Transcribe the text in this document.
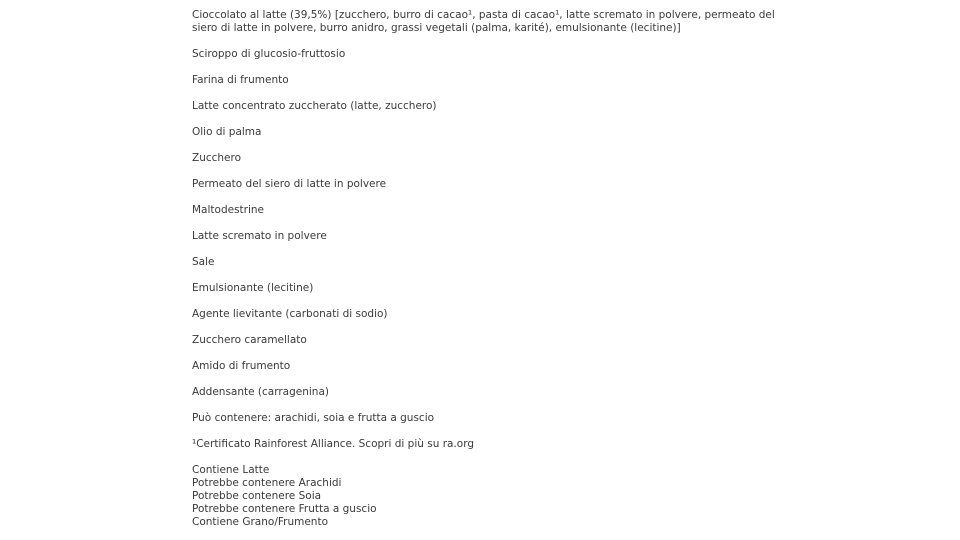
Cioccolato al latte (39,5%) [zucchero, burro di cacao¹, pasta di cacao¹, latte scremato in polvere, permeato del siero di latte in polvere, burro anidro, grassi vegetali (palma, karité), emulsionante (lecitine)]

Sciroppo di glucosio-fruttosio

Farina di frumento

Latte concentrato zuccherato (latte, zucchero)

Olio di palma

Zucchero

Permeato del siero di latte in polvere

Maltodestrine

Latte scremato in polvere

Sale

Emulsionante (lecitine)

Agente lievitante (carbonati di sodio)

Zucchero caramellato

Amido di frumento

Addensante (carragenina)

Può contenere: arachidi, soia e frutta a guscio

¹Certificato Rainforest Alliance. Scopri di più su ra.org

Contiene Latte
Potrebbe contenere Arachidi
Potrebbe contenere Soia
Potrebbe contenere Frutta a guscio
Contiene Grano/Frumento
